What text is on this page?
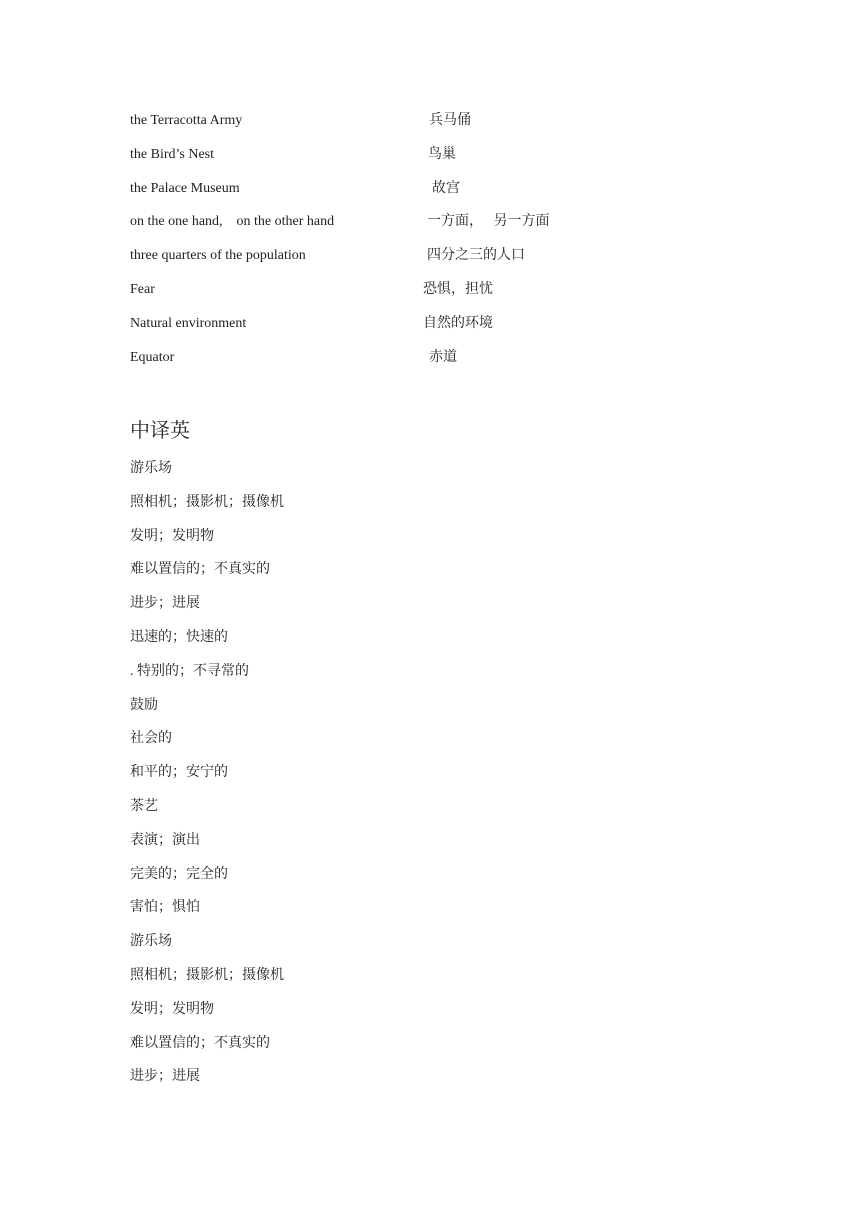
the Terracotta Army	兵马俑
the Bird’s Nest	鸟巢
the Palace Museum	故宫
on the one hand,    on the other hand	一方面，   另一方面
three quarters of the population	四分之三的人口
Fear	恐惧，担忧
Natural environment	自然的环境
Equator	赤道
中译英
游乐场
照相机；摄影机；摄像机
发明；发明物
难以置信的；不真实的
进步；进展
迅速的；快速的
. 特别的；不寻常的
鼓励
社会的
和平的；安宁的
茶艺
表演；演出
完美的；完全的
害怕；惧怕
游乐场
照相机；摄影机；摄像机
发明；发明物
难以置信的；不真实的
进步；进展
